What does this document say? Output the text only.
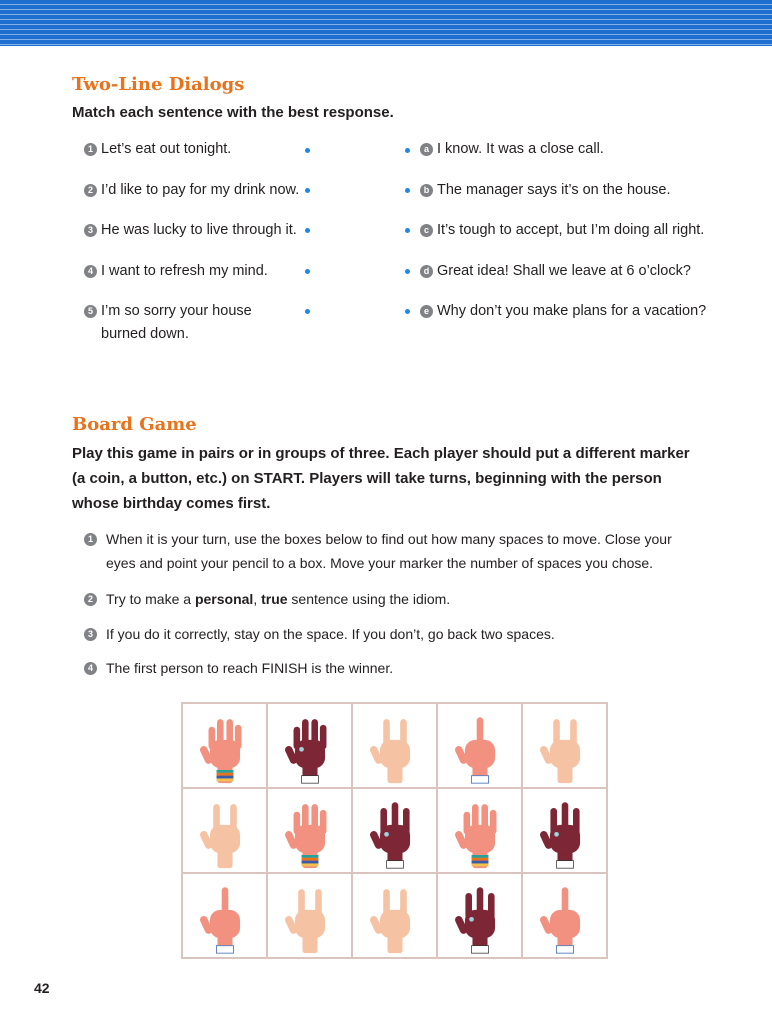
Two-Line Dialogs
Match each sentence with the best response.
1 Let’s eat out tonight.
2 I’d like to pay for my drink now.
3 He was lucky to live through it.
4 I want to refresh my mind.
5 I’m so sorry your house burned down.
a I know. It was a close call.
b The manager says it’s on the house.
c It’s tough to accept, but I’m doing all right.
d Great idea! Shall we leave at 6 o’clock?
e Why don’t you make plans for a vacation?
Board Game
Play this game in pairs or in groups of three. Each player should put a different marker (a coin, a button, etc.) on START. Players will take turns, beginning with the person whose birthday comes first.
1 When it is your turn, use the boxes below to find out how many spaces to move. Close your eyes and point your pencil to a box. Move your marker the number of spaces you chose.
2 Try to make a personal, true sentence using the idiom.
3 If you do it correctly, stay on the space. If you don’t, go back two spaces.
4 The first person to reach FINISH is the winner.
42
